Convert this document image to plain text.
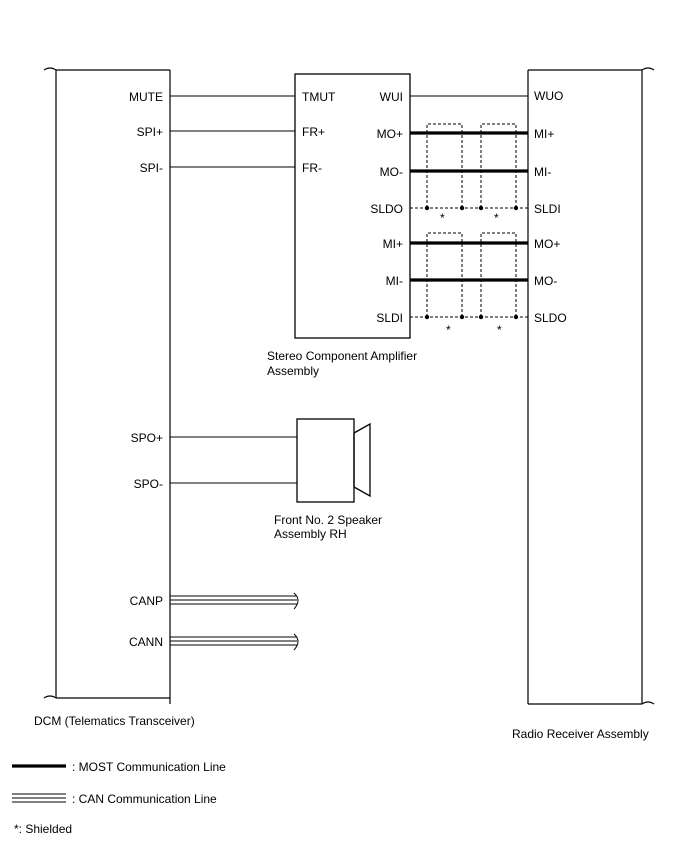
DCM (Telematics Transceiver)
Radio Receiver Assembly
Stereo Component Amplifier
Assembly
*	*
*	*
MUTE
SPI+
SPI-
SPO+
SPO-
CANP
CANN
TMUT
FR+
FR-
WUI
MO+
MO-
SLDO
MI+
MI-
SLDI
WUO
MI+
MI-
SLDI
MO+
MO-
SLDO
Front No. 2 Speaker
Assembly RH
: MOST Communication Line
: CAN Communication Line
*: Shielded
